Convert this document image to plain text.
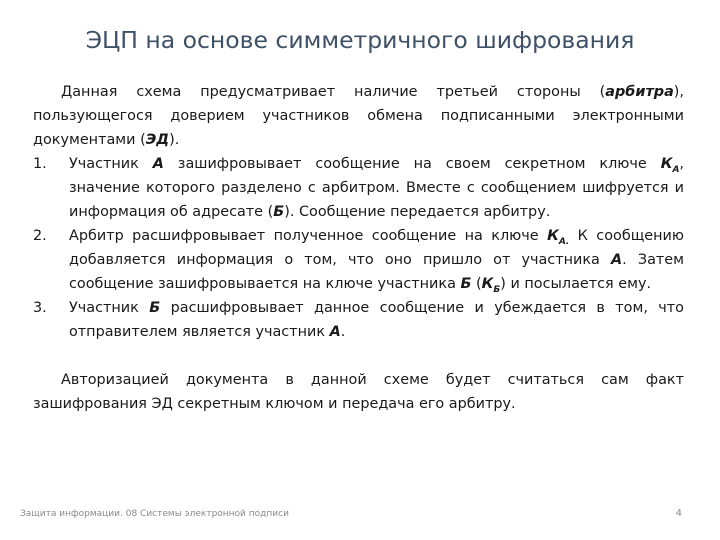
ЭЦП на основе симметричного шифрования

Данная схема предусматривает наличие третьей стороны (арбитра), пользующегося доверием участников обмена подписанными электронными документами (ЭД).

1. Участник А зашифровывает сообщение на своем секретном ключе $К_А$, значение которого разделено с арбитром. Вместе с сообщением шифруется и информация об адресате (Б). Сообщение передается арбитру.
2. Арбитр расшифровывает полученное сообщение на ключе $К_{А.}$ К сообщению добавляется информация о том, что оно пришло от участника А. Затем сообщение зашифровывается на ключе участника Б $(К_Б)$ и посылается ему.
3. Участник Б расшифровывает данное сообщение и убеждается в том, что отправителем является участник А.

Авторизацией документа в данной схеме будет считаться сам факт зашифрования ЭД секретным ключом и передача его арбитру.

Защита информации. 08 Системы электронной подписи	4
